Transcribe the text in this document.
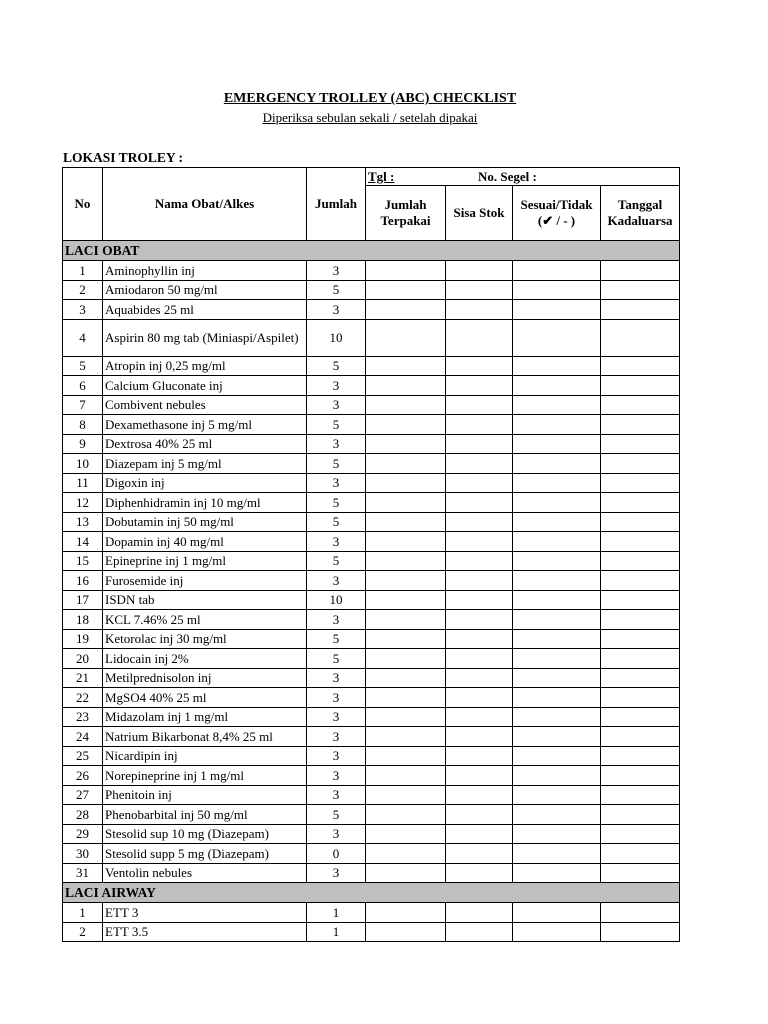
EMERGENCY TROLLEY (ABC) CHECKLIST
Diperiksa sebulan sekali / setelah dipakai
LOKASI TROLEY :
No	Nama Obat/Alkes	Jumlah	Tgl : No. Segel :			

			Jumlah Terpakai	Sisa Stok	Sesuai/Tidak (✔ / - )	Tanggal Kadaluarsa
LACI OBAT						
1	Aminophyllin inj	3				
2	Amiodaron 50 mg/ml	5				
3	Aquabides 25 ml	3				
4	Aspirin 80 mg tab (Miniaspi/Aspilet)	10				
5	Atropin inj 0,25 mg/ml	5				
6	Calcium Gluconate inj	3				
7	Combivent nebules	3				
8	Dexamethasone inj 5 mg/ml	5				
9	Dextrosa 40% 25 ml	3				
10	Diazepam inj 5 mg/ml	5				
11	Digoxin inj	3				
12	Diphenhidramin inj 10 mg/ml	5				
13	Dobutamin inj 50 mg/ml	5				
14	Dopamin inj 40 mg/ml	3				
15	Epineprine inj 1 mg/ml	5				
16	Furosemide inj	3				
17	ISDN tab	10				
18	KCL 7.46% 25 ml	3				
19	Ketorolac inj 30 mg/ml	5				
20	Lidocain inj 2%	5				
21	Metilprednisolon inj	3				
22	MgSO4 40% 25 ml	3				
23	Midazolam inj 1 mg/ml	3				
24	Natrium Bikarbonat 8,4% 25 ml	3				
25	Nicardipin inj	3				
26	Norepineprine inj 1 mg/ml	3				
27	Phenitoin inj	3				
28	Phenobarbital inj 50 mg/ml	5				
29	Stesolid sup 10 mg (Diazepam)	3				
30	Stesolid supp 5 mg (Diazepam)	0				
31	Ventolin nebules	3				
LACI AIRWAY						
1	ETT 3	1				
2	ETT 3.5	1				
